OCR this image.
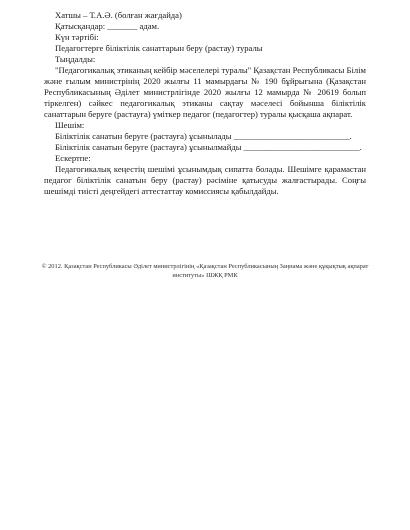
Хатшы – Т.А.Ә. (болған жағдайда)

Қатысқандар: _______ адам.

Күн тәртібі:

Педагогтерге біліктілік санаттарын беру (растау) туралы

Тыңдалды:

"Педагогикалық этиканың кейбір мәселелері туралы" Қазақстан Республикасы Білім және ғылым министрінің 2020 жылғы 11 мамырдағы № 190 бұйрығына (Қазақстан Республикасының Әділет министрлігінде 2020 жылғы 12 мамырда № 20619 болып тіркелген) сәйкес педагогикалық этиканы сақтау мәселесі бойынша біліктілік санаттарын беруге (растауға) үміткер педагог (педагогтер) туралы қысқаша ақпарат.

Шешім:

Біліктілік санатын беруге (растауға) ұсынылады ___________________________.

Біліктілік санатын беруге (растауға) ұсынылмайды ___________________________.

Ескертпе:

Педагогикалық кеңестің шешімі ұсынымдық сипатта болады. Шешімге қарамастан педагог біліктілік санатын беру (растау) рәсіміне қатысуды жалғастырады. Соңғы шешімді тиісті деңгейдегі аттестаттау комиссиясы қабылдайды.

© 2012. Қазақстан Республикасы Әділет министрлігінің «Қазақстан Республикасының Заңнама және құқықтық ақпарат институты» ШЖҚ РМК
